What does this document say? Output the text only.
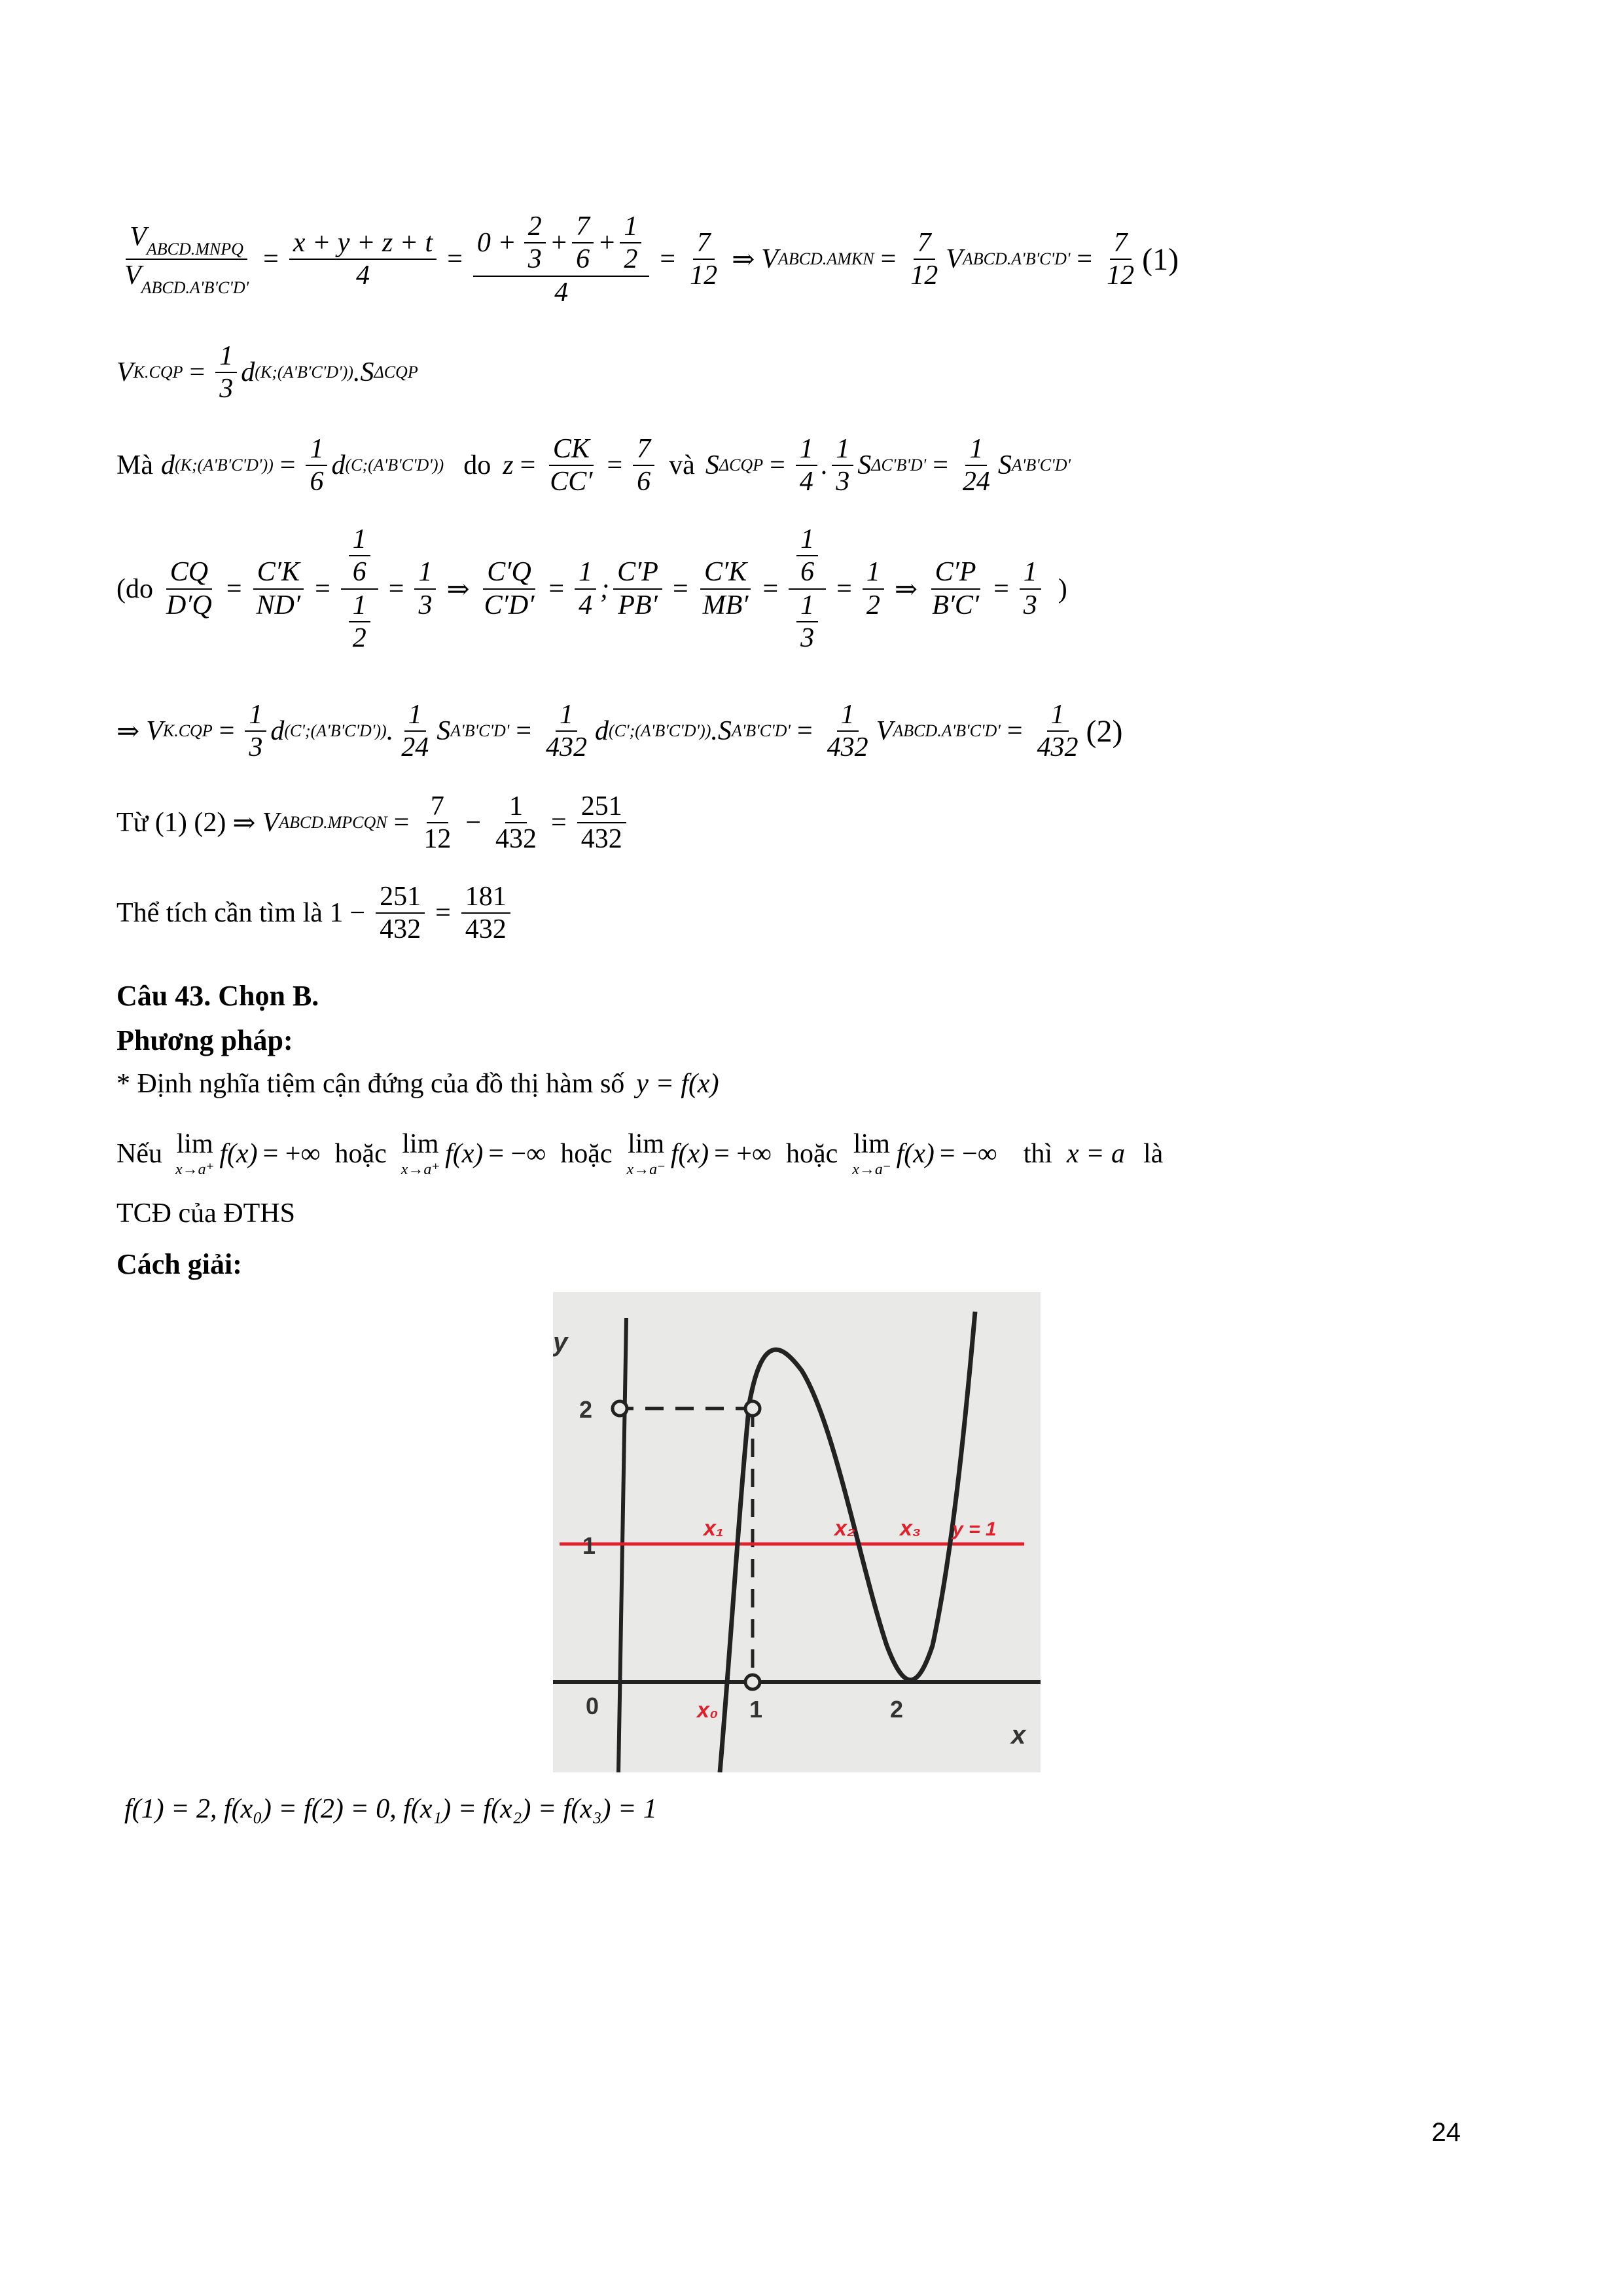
$V_{ABCD.MNPQ}$
$V_{ABCD.A'B'C'D'}$
= $\frac{x + y + z + t}{4} = \frac{0 + \frac{2}{3} + \frac{7}{6} + \frac{1}{2}}{4} = \frac{7}{12}$ ⇒ V ABCD.AMKN = $\frac{7}{12}$ V ABCD.A'B'C'D' = $\frac{7}{12} (1)$
V $K.CQP = \frac{1}{3}$ d (K;(A'B'C'D')) .S ΔCQP
Mà d (K;(A'B'C'D')) = $\frac{1}{6}$ d (C;(A'B'C'D')) do $z = \frac{CK}{CC'} = \frac{7}{6}$ và S $\Delta CQP = \frac{1}{4}$ .
1
3
S $\Delta C'B'D' = \frac{1}{24}$ S A'B'C'D'
($do \frac{CQ}{D'Q} = \frac{C'K}{ND'} = \frac{\frac{1}{6}}{\frac{1}{2}} = \frac{1}{3}$ ⇒ $\frac{C'Q}{C'D'} = \frac{1}{4}$ ; $\frac{C'P}{PB'} = \frac{C'K}{MB'} = \frac{\frac{1}{6}}{\frac{1}{3}} = \frac{1}{2}$ ⇒ $\frac{C'P}{B'C'} = \frac{1}{3}$ )
⇒ V $K.CQP = \frac{1}{3}$ d (C';(A'B'C'D')) .
1
24
S $A'B'C'D' = \frac{1}{432}$ d (C';(A'B'C'D')) .S $A'B'C'D' = \frac{1}{432}$ V ABCD.A'B'C'D' = $\frac{1}{432} (2)$
Từ (1) (2) ⇒ V ABCD.MPCQN = $\frac{7}{12} - \frac{1}{432} = \frac{251}{432}$
Thể tích cần tìm là $1 - \frac{251}{432} = \frac{181}{432}$
Câu 43. Chọn B.
Phương pháp:
* Định nghĩa tiệm cận đứng của đồ thị hàm số y = f(x)
Nếu lim
x→a⁺
f(x) = +∞ hoặc lim
x→a⁺
f(x) = −∞ hoặc lim
x→a⁻
f(x) = +∞ hoặc lim
x→a⁻
f(x) = −∞ thì x = a là
TCĐ của ĐTHS
Cách giải:
y
x
2
1
0	1	2
x₀
x₁	x₂ x₃ y = 1
f(1) = 2, f(x₀) = f(2) = 0, f(x₁) = f(x₂) = f(x₃) = 1
24
